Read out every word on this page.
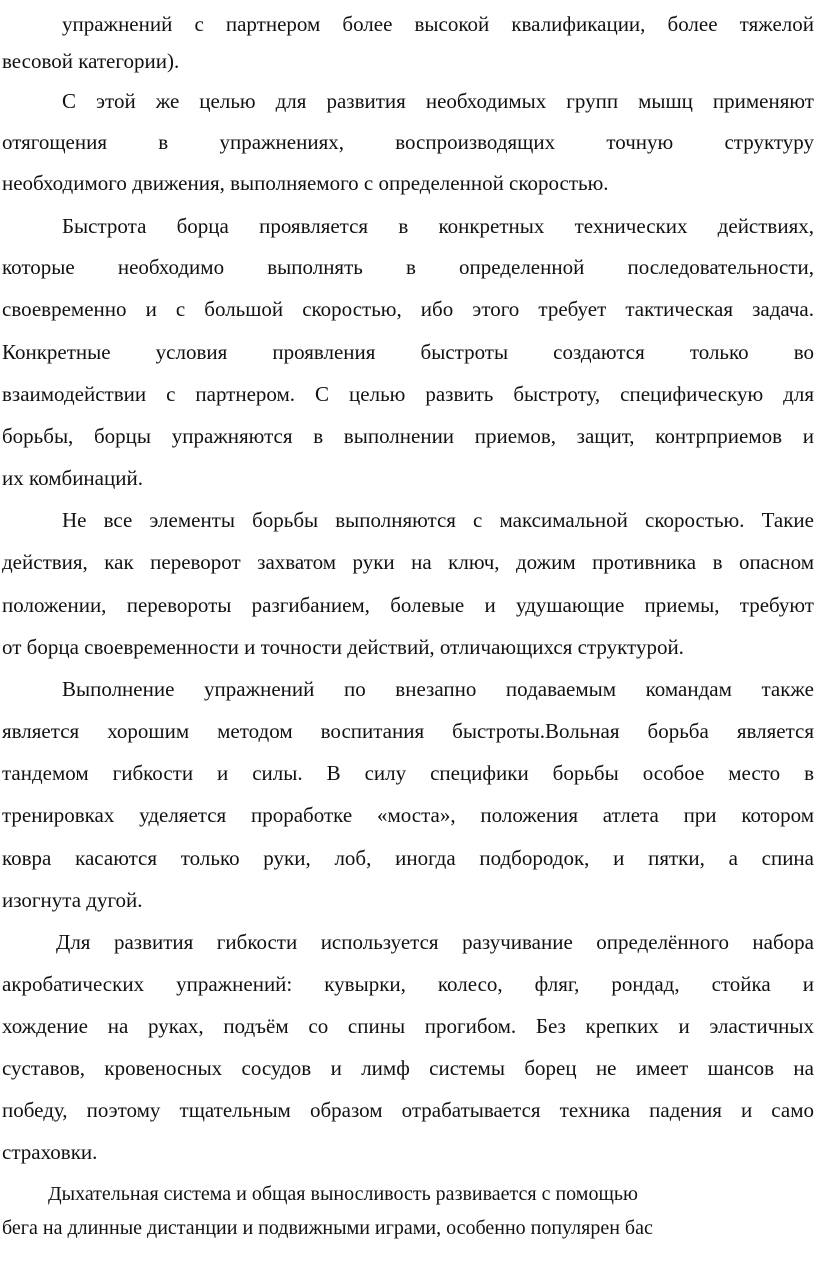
упражнений с партнером более высокой квалификации, более тяжелой
весовой категории).
С этой же целью для развития необходимых групп мышц применяют
отягощения в упражнениях, воспроизводящих точную структуру
необходимого движения, выполняемого с определенной скоростью.
Быстрота борца проявляется в конкретных технических действиях,
которые необходимо выполнять в определенной последовательности,
своевременно и с большой скоростью, ибо этого требует тактическая задача.
Конкретные условия проявления быстроты создаются только во
взаимодействии с партнером. С целью развить быстроту, специфическую для
борьбы, борцы упражняются в выполнении приемов, защит, контрприемов и
их комбинаций.
Не все элементы борьбы выполняются с максимальной скоростью. Такие
действия, как переворот захватом руки на ключ, дожим противника в опасном
положении, перевороты разгибанием, болевые и удушающие приемы, требуют
от борца своевременности и точности действий, отличающихся структурой.
Выполнение упражнений по внезапно подаваемым командам также
является хорошим методом воспитания быстроты.Вольная борьба является
тандемом гибкости и силы. В силу специфики борьбы особое место в
тренировках уделяется проработке «моста», положения атлета при котором
ковра касаются только руки, лоб, иногда подбородок, и пятки, а спина
изогнута дугой.
Для развития гибкости используется разучивание определённого набора
акробатических упражнений: кувырки, колесо, фляг, рондад, стойка и
хождение на руках, подъём со спины прогибом. Без крепких и эластичных
суставов, кровеносных сосудов и лимф системы борец не имеет шансов на
победу, поэтому тщательным образом отрабатывается техника падения и само
страховки.
Дыхательная система и общая выносливость развивается с помощью
бега на длинные дистанции и подвижными играми, особенно популярен бас
